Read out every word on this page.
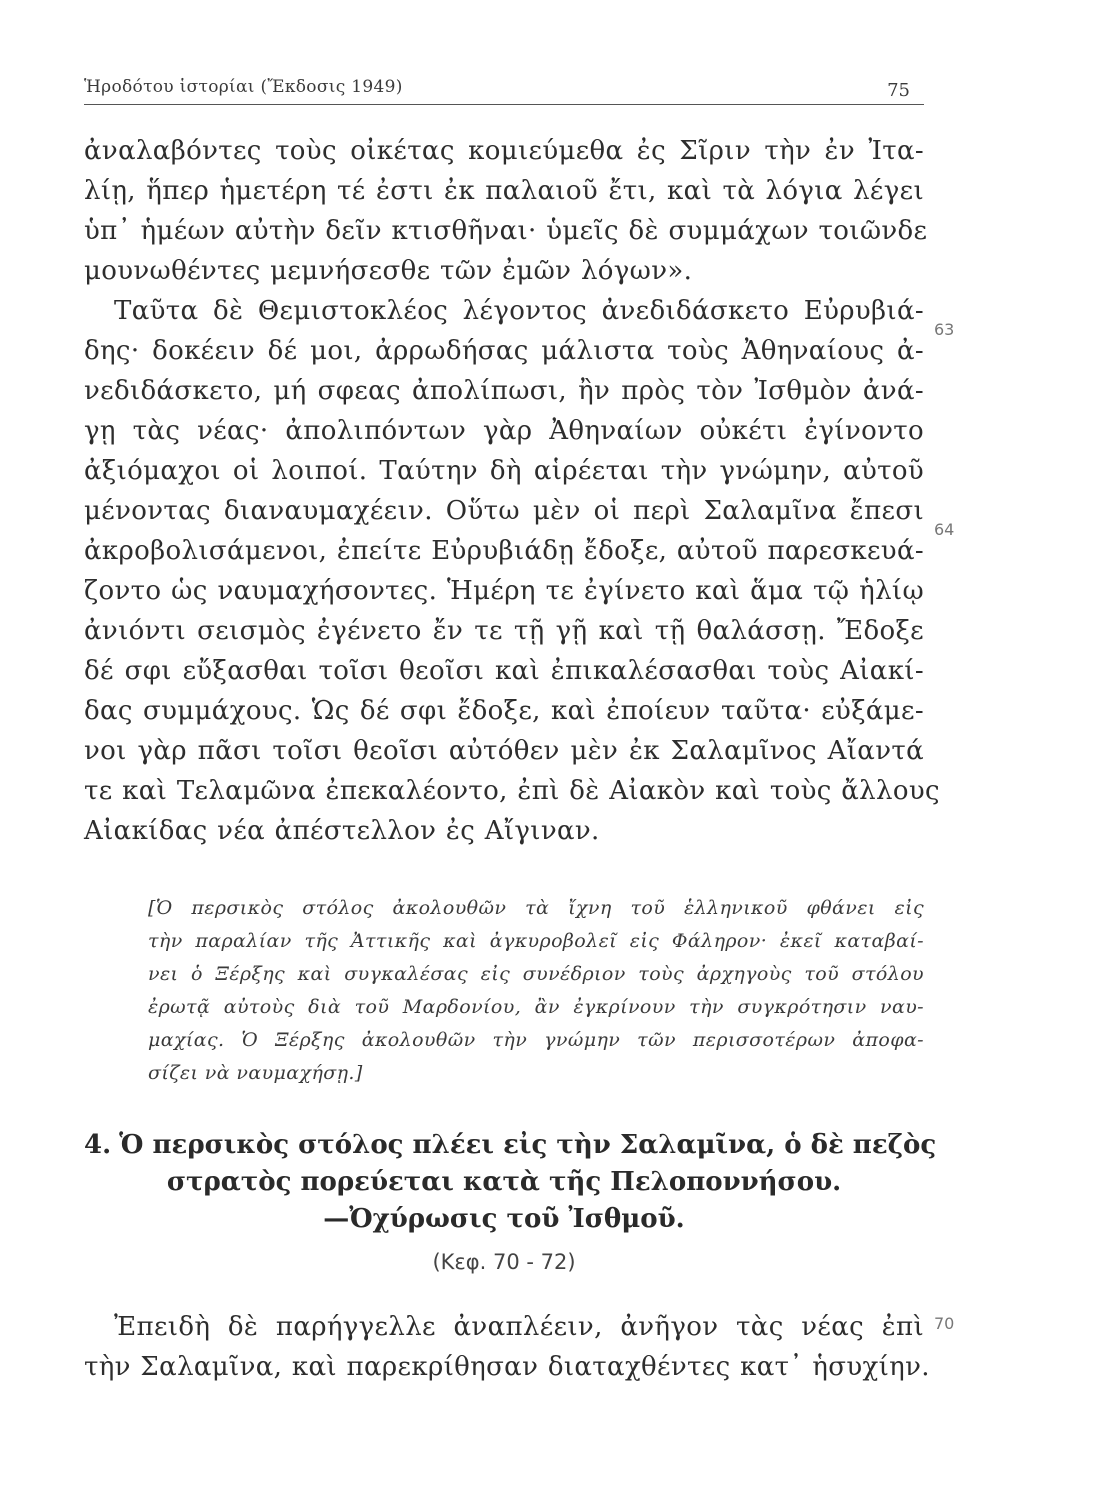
Ἡροδότου ἱστορίαι (Ἔκδοσις 1949)	75
ἀναλαβόντες τοὺς οἰκέτας κομιεύμεθα ἐς Σῖριν τὴν ἐν Ἰτα-
λίῃ, ἥπερ ἡμετέρη τέ ἐστι ἐκ παλαιοῦ ἔτι, καὶ τὰ λόγια λέγει
ὑπ᾽ ἡμέων αὐτὴν δεῖν κτισθῆναι· ὑμεῖς δὲ συμμάχων τοιῶνδε
μουνωθέντες μεμνήσεσθε τῶν ἐμῶν λόγων».
Ταῦτα δὲ Θεμιστοκλέος λέγοντος ἀνεδιδάσκετο Εὐρυβιά-
δης· δοκέειν δέ μοι, ἀρρωδήσας μάλιστα τοὺς Ἀθηναίους ἀ-
νεδιδάσκετο, μή σφεας ἀπολίπωσι, ἢν πρὸς τὸν Ἰσθμὸν ἀνά-
γῃ τὰς νέας· ἀπολιπόντων γὰρ Ἀθηναίων οὐκέτι ἐγίνοντο
ἀξιόμαχοι οἱ λοιποί. Ταύτην δὴ αἱρέεται τὴν γνώμην, αὐτοῦ
μένοντας διαναυμαχέειν. Οὕτω μὲν οἱ περὶ Σαλαμῖνα ἔπεσι
ἀκροβολισάμενοι, ἐπείτε Εὐρυβιάδῃ ἔδοξε, αὐτοῦ παρεσκευά-
ζοντο ὡς ναυμαχήσοντες. Ἡμέρη τε ἐγίνετο καὶ ἅμα τῷ ἡλίῳ
ἀνιόντι σεισμὸς ἐγένετο ἔν τε τῇ γῇ καὶ τῇ θαλάσσῃ. Ἔδοξε
δέ σφι εὔξασθαι τοῖσι θεοῖσι καὶ ἐπικαλέσασθαι τοὺς Αἰακί-
δας συμμάχους. Ὡς δέ σφι ἔδοξε, καὶ ἐποίευν ταῦτα· εὐξάμε-
νοι γὰρ πᾶσι τοῖσι θεοῖσι αὐτόθεν μὲν ἐκ Σαλαμῖνος Αἴαντά
τε καὶ Τελαμῶνα ἐπεκαλέοντο, ἐπὶ δὲ Αἰακὸν καὶ τοὺς ἄλλους
Αἰακίδας νέα ἀπέστελλον ἐς Αἴγιναν.
63
64
70
[Ὁ περσικὸς στόλος ἀκολουθῶν τὰ ἴχνη τοῦ ἑλληνικοῦ φθάνει εἰς
τὴν παραλίαν τῆς Ἀττικῆς καὶ ἀγκυροβολεῖ εἰς Φάληρον· ἐκεῖ καταβαί-
νει ὁ Ξέρξης καὶ συγκαλέσας εἰς συνέδριον τοὺς ἀρχηγοὺς τοῦ στόλου
ἐρωτᾷ αὐτοὺς διὰ τοῦ Μαρδονίου, ἂν ἐγκρίνουν τὴν συγκρότησιν ναυ-
μαχίας. Ὁ Ξέρξης ἀκολουθῶν τὴν γνώμην τῶν περισσοτέρων ἀποφα-
σίζει νὰ ναυμαχήσῃ.]
4. Ὁ περσικὸς στόλος πλέει εἰς τὴν Σαλαμῖνα, ὁ δὲ πεζὸς
στρατὸς πορεύεται κατὰ τῆς Πελοποννήσου.
—Ὀχύρωσις τοῦ Ἰσθμοῦ.
(Κεφ. 70 - 72)
Ἐπειδὴ δὲ παρήγγελλε ἀναπλέειν, ἀνῆγον τὰς νέας ἐπὶ
τὴν Σαλαμῖνα, καὶ παρεκρίθησαν διαταχθέντες κατ᾽ ἡσυχίην.
